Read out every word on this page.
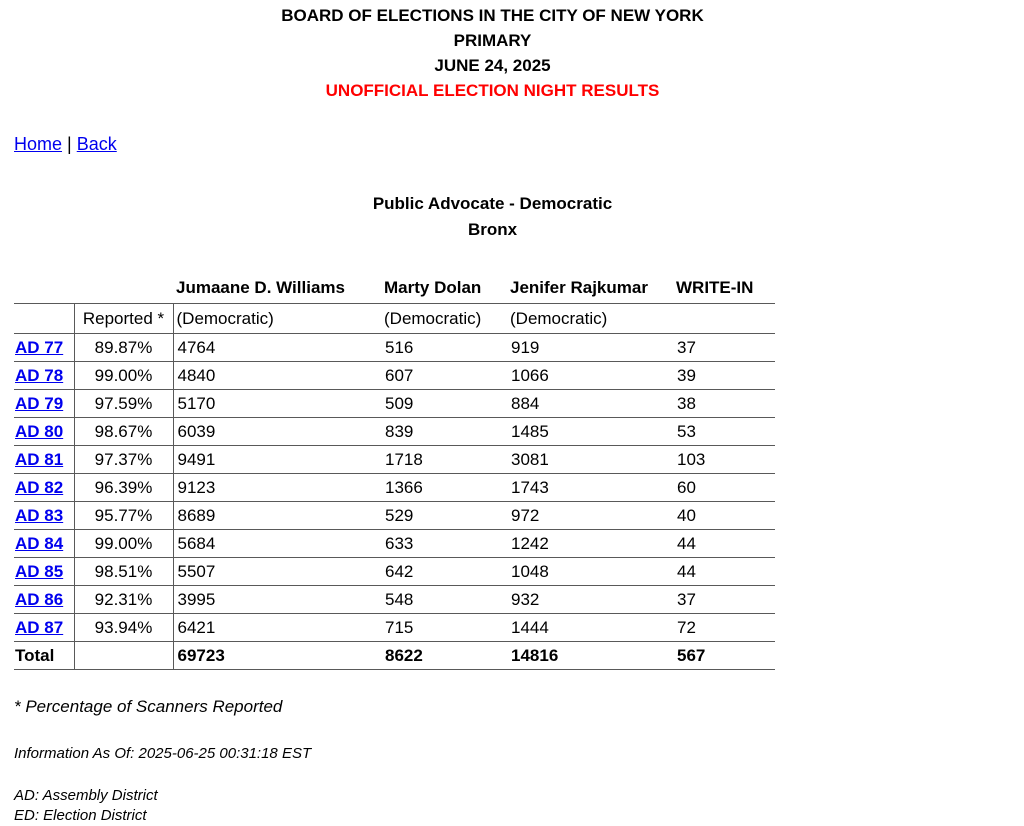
BOARD OF ELECTIONS IN THE CITY OF NEW YORK
PRIMARY
JUNE 24, 2025
UNOFFICIAL ELECTION NIGHT RESULTS
Home | Back
Public Advocate - Democratic
Bronx
		Jumaane D. Williams	Marty Dolan	Jenifer Rajkumar	WRITE-IN
	Reported *	(Democratic)	(Democratic)	(Democratic)	
AD 77	89.87%	4764	516	919	37
AD 78	99.00%	4840	607	1066	39
AD 79	97.59%	5170	509	884	38
AD 80	98.67%	6039	839	1485	53
AD 81	97.37%	9491	1718	3081	103
AD 82	96.39%	9123	1366	1743	60
AD 83	95.77%	8689	529	972	40
AD 84	99.00%	5684	633	1242	44
AD 85	98.51%	5507	642	1048	44
AD 86	92.31%	3995	548	932	37
AD 87	93.94%	6421	715	1444	72
Total		69723	8622	14816	567
* Percentage of Scanners Reported
Information As Of: 2025-06-25 00:31:18 EST
AD: Assembly District
ED: Election District
